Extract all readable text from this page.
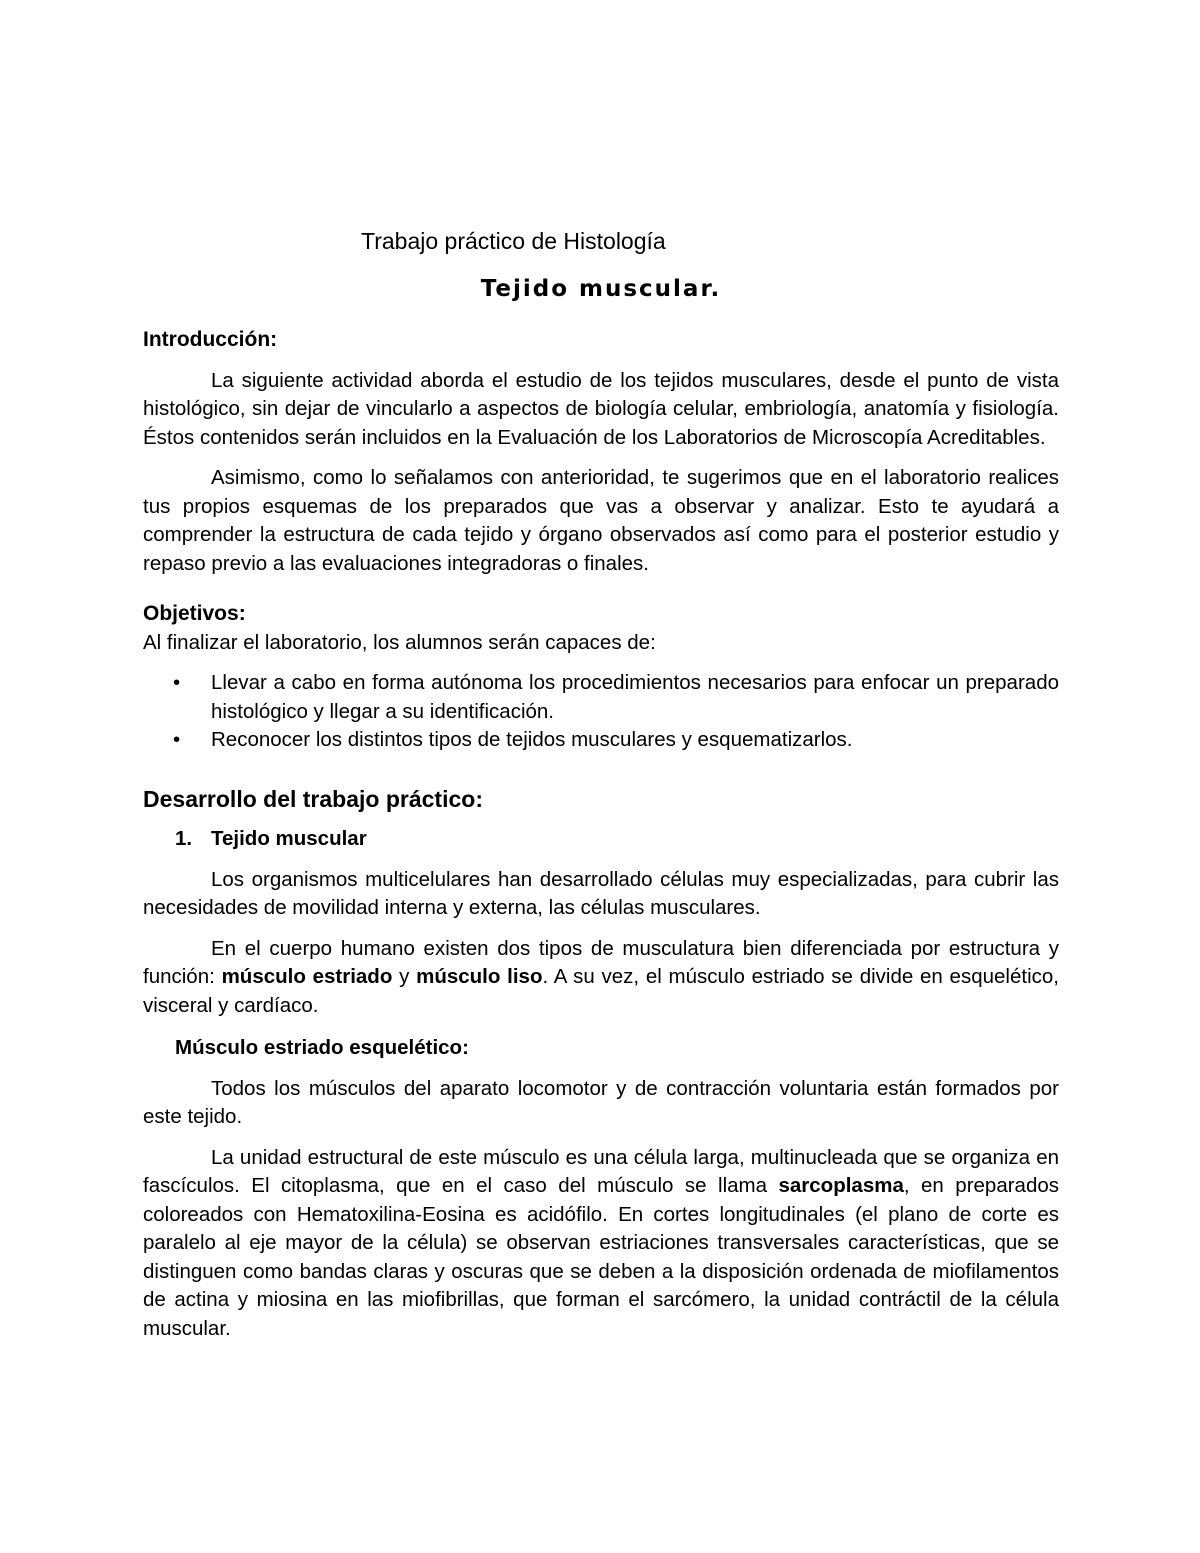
Trabajo práctico de Histología
Tejido muscular.
Introducción:

La siguiente actividad aborda el estudio de los tejidos musculares, desde el punto de vista histológico, sin dejar de vincularlo a aspectos de biología celular, embriología, anatomía y fisiología. Éstos contenidos serán incluidos en la Evaluación de los Laboratorios de Microscopía Acreditables.

Asimismo, como lo señalamos con anterioridad, te sugerimos que en el laboratorio realices tus propios esquemas de los preparados que vas a observar y analizar. Esto te ayudará a comprender la estructura de cada tejido y órgano observados así como para el posterior estudio y repaso previo a las evaluaciones integradoras o finales.

Objetivos:

Al finalizar el laboratorio, los alumnos serán capaces de:

• Llevar a cabo en forma autónoma los procedimientos necesarios para enfocar un preparado histológico y llegar a su identificación.
• Reconocer los distintos tipos de tejidos musculares y esquematizarlos.
Desarrollo del trabajo práctico:
1. Tejido muscular

Los organismos multicelulares han desarrollado células muy especializadas, para cubrir las necesidades de movilidad interna y externa, las células musculares.

En el cuerpo humano existen dos tipos de musculatura bien diferenciada por estructura y función: músculo estriado y músculo liso. A su vez, el músculo estriado se divide en esquelético, visceral y cardíaco.

Músculo estriado esquelético:

Todos los músculos del aparato locomotor y de contracción voluntaria están formados por este tejido.

La unidad estructural de este músculo es una célula larga, multinucleada que se organiza en fascículos. El citoplasma, que en el caso del músculo se llama sarcoplasma, en preparados coloreados con Hematoxilina-Eosina es acidófilo. En cortes longitudinales (el plano de corte es paralelo al eje mayor de la célula) se observan estriaciones transversales características, que se distinguen como bandas claras y oscuras que se deben a la disposición ordenada de miofilamentos de actina y miosina en las miofibrillas, que forman el sarcómero, la unidad contráctil de la célula muscular.
